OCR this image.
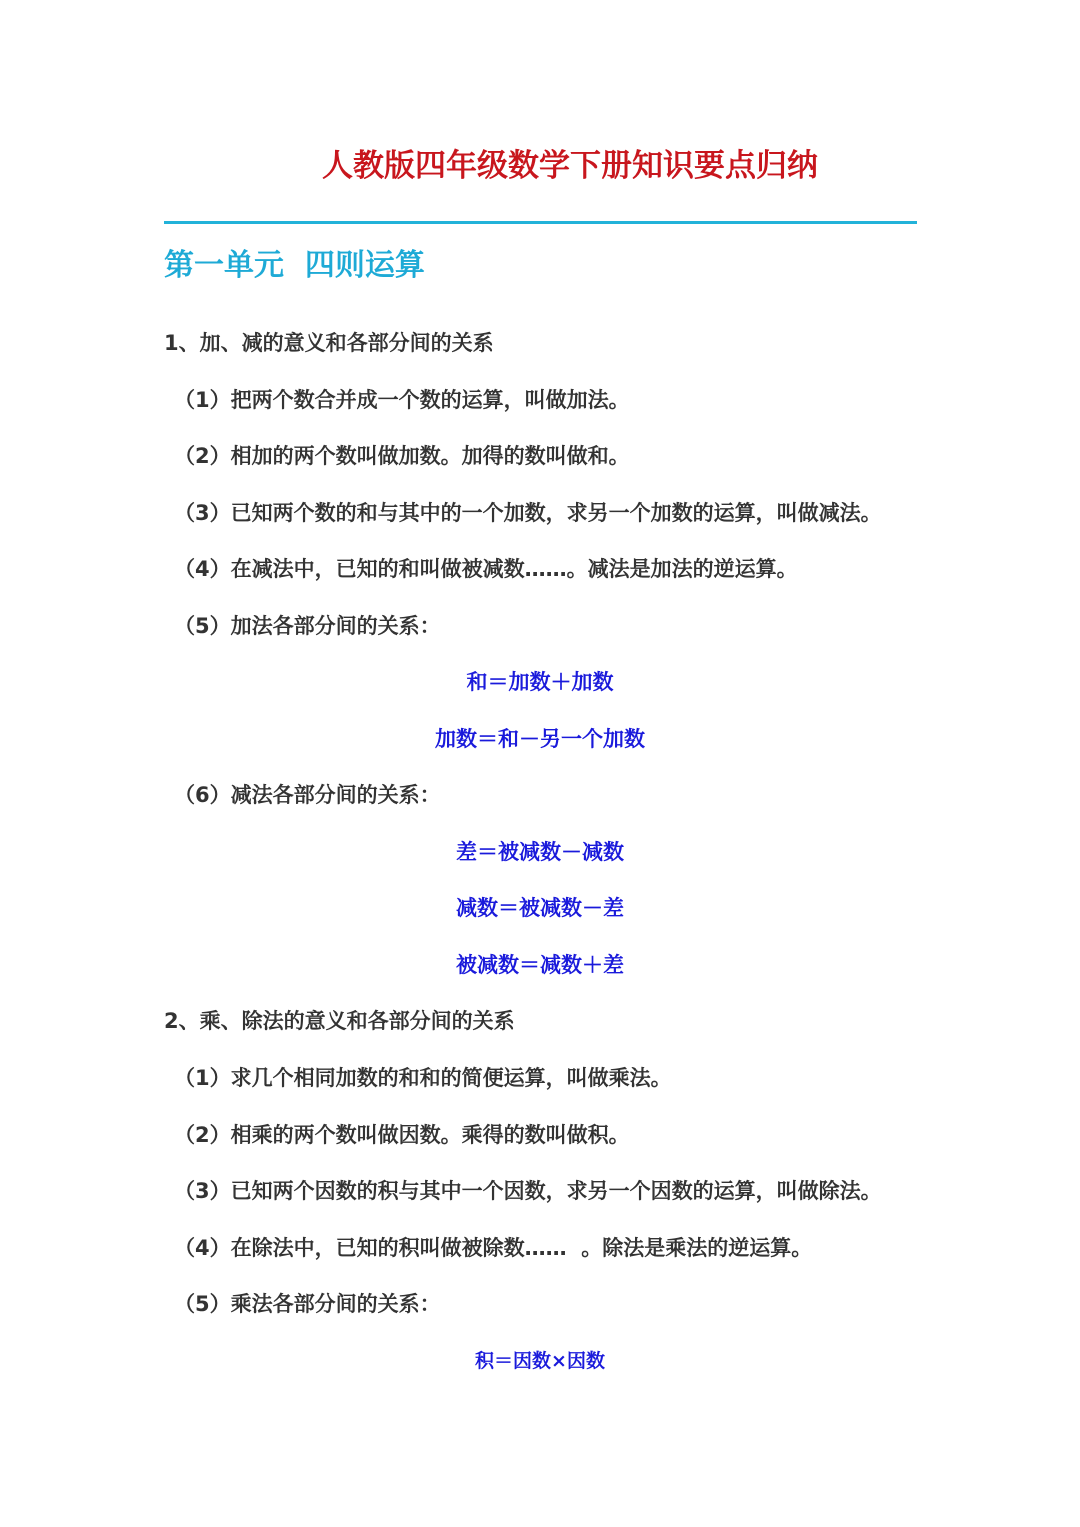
人教版四年级数学下册知识要点归纳
第一单元  四则运算
1、加、减的意义和各部分间的关系
（1）把两个数合并成一个数的运算，叫做加法。
（2）相加的两个数叫做加数。加得的数叫做和。
（3）已知两个数的和与其中的一个加数，求另一个加数的运算，叫做减法。
（4）在减法中，已知的和叫做被减数……。减法是加法的逆运算。
（5）加法各部分间的关系：
和＝加数＋加数
加数＝和－另一个加数
（6）减法各部分间的关系：
差＝被减数－减数
减数＝被减数－差
被减数＝减数＋差
2、乘、除法的意义和各部分间的关系
（1）求几个相同加数的和和的简便运算，叫做乘法。
（2）相乘的两个数叫做因数。乘得的数叫做积。
（3）已知两个因数的积与其中一个因数，求另一个因数的运算，叫做除法。
（4）在除法中，已知的积叫做被除数……  。除法是乘法的逆运算。
（5）乘法各部分间的关系：
积＝因数×因数
